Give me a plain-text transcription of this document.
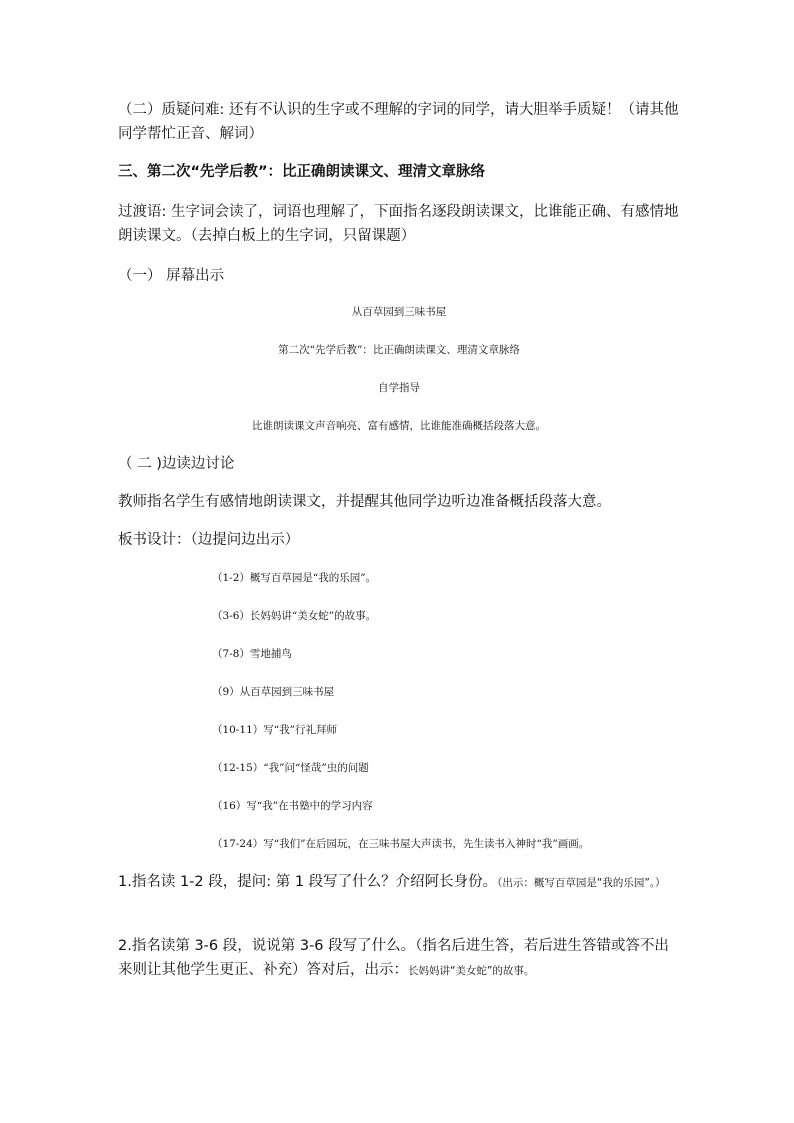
（二）质疑问难: 还有不认识的生字或不理解的字词的同学，请大胆举手质疑！（请其他同学帮忙正音、解词）

三、第二次“先学后教”：比正确朗读课文、理清文章脉络

过渡语: 生字词会读了，词语也理解了，下面指名逐段朗读课文，比谁能正确、有感情地朗读课文。（去掉白板上的生字词，只留课题）

（一） 屏幕出示

从百草园到三味书屋

第二次“先学后教”：比正确朗读课文、理清文章脉络

自学指导

比谁朗读课文声音响亮、富有感情，比谁能准确概括段落大意。

（ 二 )边读边讨论

教师指名学生有感情地朗读课文，并提醒其他同学边听边准备概括段落大意。

板书设计：（边提问边出示）

（1-2）概写百草园是“我的乐园”。

（3-6）长妈妈讲“美女蛇”的故事。

（7-8）雪地捕鸟

（9）从百草园到三味书屋

（10-11）写“我”行礼拜师

（12-15）“我”问“怪哉”虫的问题

（16）写“我”在书塾中的学习内容

（17-24）写“我们”在后园玩，在三味书屋大声读书，先生读书入神时“我”画画。

1.指名读 1-2 段，提问: 第 1 段写了什么？介绍阿长身份。（出示：概写百草园是“我的乐园”。）

2.指名读第 3-6 段，说说第 3-6 段写了什么。（指名后进生答，若后进生答错或答不出来则让其他学生更正、补充）答对后，出示：长妈妈讲“美女蛇”的故事。
